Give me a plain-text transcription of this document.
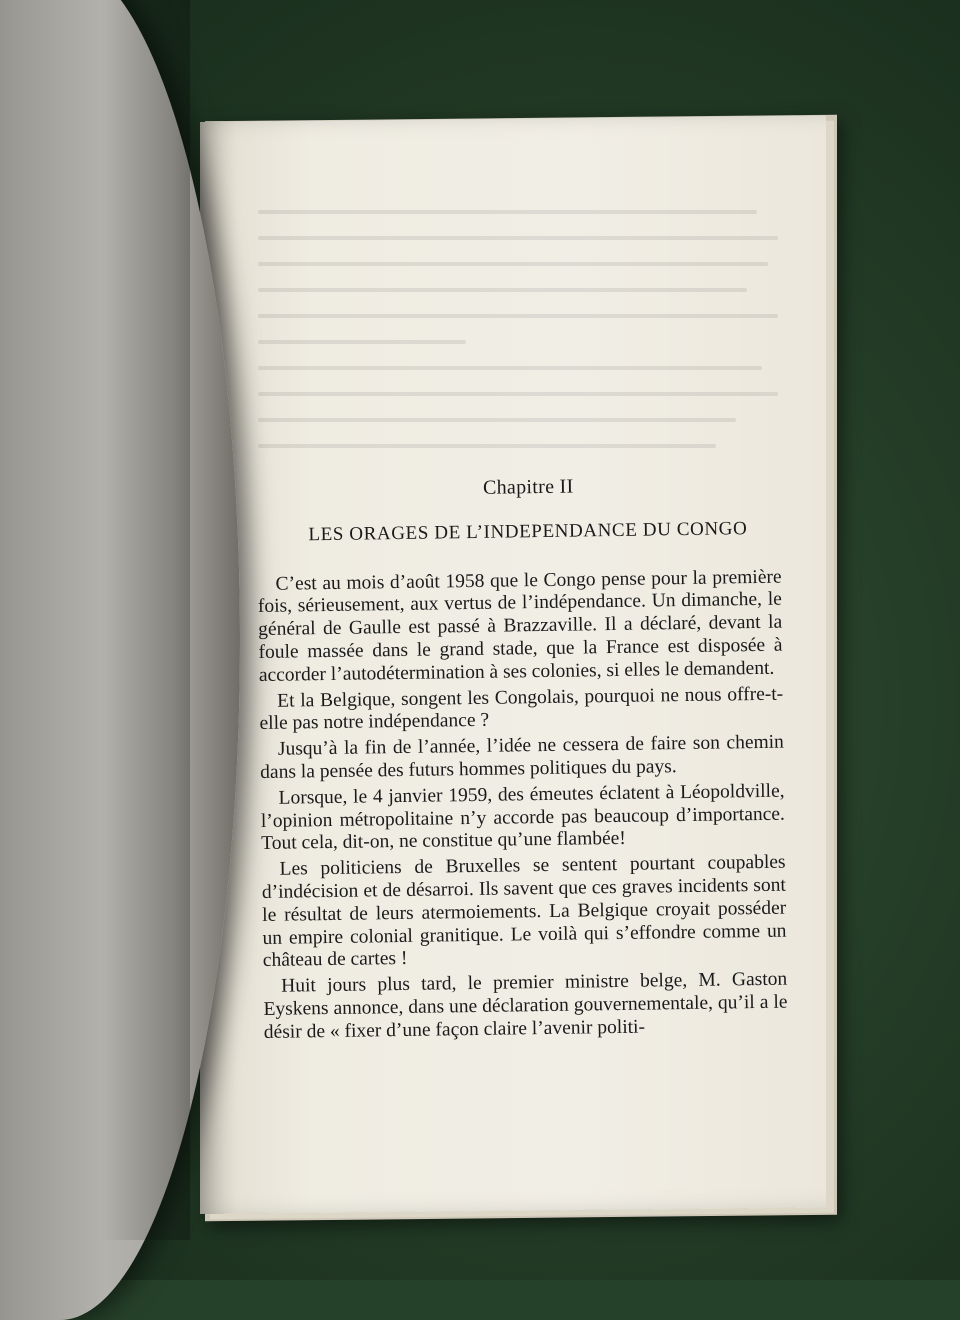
Chapitre II
LES ORAGES DE L’INDEPENDANCE DU CONGO

C’est au mois d’août 1958 que le Congo pense pour la première fois, sérieusement, aux vertus de l’indépendance. Un dimanche, le général de Gaulle est passé à Brazzaville. Il a déclaré, devant la foule massée dans le grand stade, que la France est disposée à accorder l’autodétermination à ses colonies, si elles le demandent.

Et la Belgique, songent les Congolais, pourquoi ne nous offre-t-elle pas notre indépendance ?

Jusqu’à la fin de l’année, l’idée ne cessera de faire son chemin dans la pensée des futurs hommes politiques du pays.

Lorsque, le 4 janvier 1959, des émeutes éclatent à Léopoldville, l’opinion métropolitaine n’y accorde pas beaucoup d’importance. Tout cela, dit-on, ne constitue qu’une flambée!

Les politiciens de Bruxelles se sentent pourtant coupables d’indécision et de désarroi. Ils savent que ces graves incidents sont le résultat de leurs atermoiements. La Belgique croyait posséder un empire colonial granitique. Le voilà qui s’effondre comme un château de cartes !

Huit jours plus tard, le premier ministre belge, M. Gaston Eyskens annonce, dans une déclaration gouvernementale, qu’il a le désir de « fixer d’une façon claire l’avenir politi-
